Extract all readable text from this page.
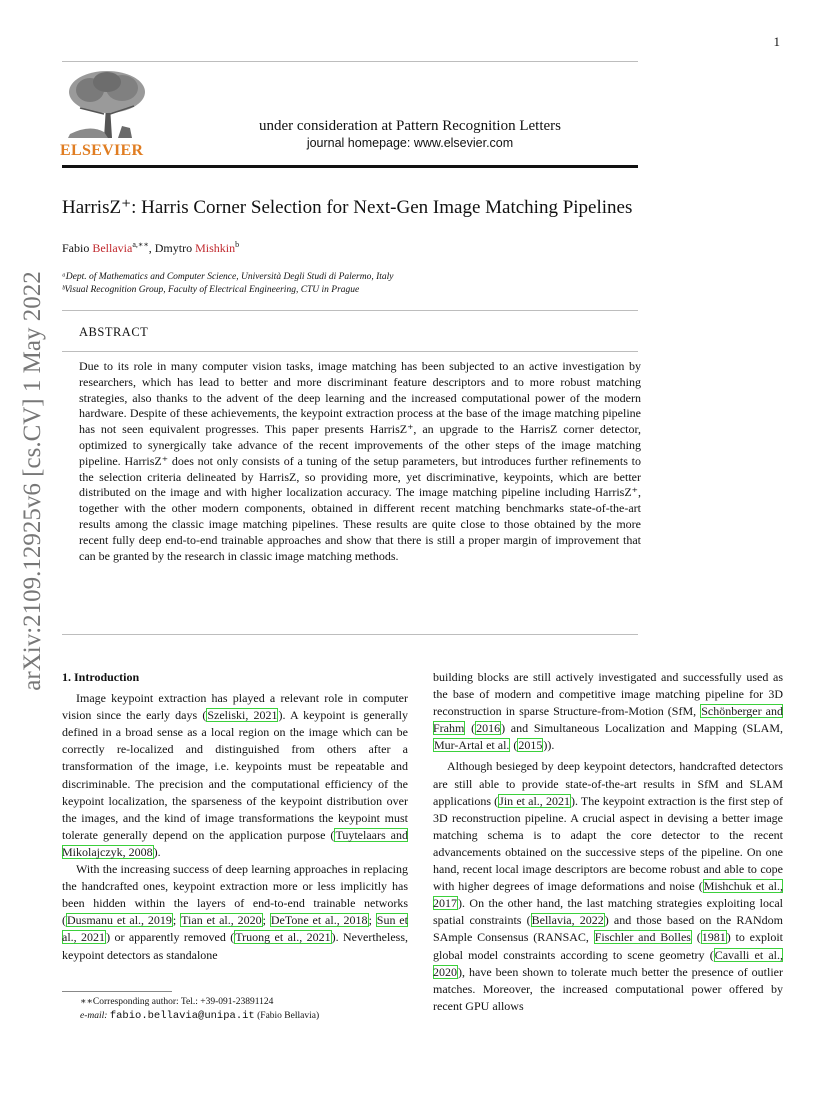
1
ELSEVIER
under consideration at Pattern Recognition Letters
journal homepage: www.elsevier.com
HarrisZ⁺: Harris Corner Selection for Next-Gen Image Matching Pipelines
Fabio Bellavia$^{a,∗∗}$, Dmytro Mishkin$^b$
ᵃDept. of Mathematics and Computer Science, Università Degli Studi di Palermo, Italy
ᵇVisual Recognition Group, Faculty of Electrical Engineering, CTU in Prague
ABSTRACT
Due to its role in many computer vision tasks, image matching has been subjected to an active investigation by researchers, which has lead to better and more discriminant feature descriptors and to more robust matching strategies, also thanks to the advent of the deep learning and the increased computational power of the modern hardware. Despite of these achievements, the keypoint extraction process at the base of the image matching pipeline has not seen equivalent progresses. This paper presents HarrisZ⁺, an upgrade to the HarrisZ corner detector, optimized to synergically take advance of the recent improvements of the other steps of the image matching pipeline. HarrisZ⁺ does not only consists of a tuning of the setup parameters, but introduces further refinements to the selection criteria delineated by HarrisZ, so providing more, yet discriminative, keypoints, which are better distributed on the image and with higher localization accuracy. The image matching pipeline including HarrisZ⁺, together with the other modern components, obtained in different recent matching benchmarks state-of-the-art results among the classic image matching pipelines. These results are quite close to those obtained by the more recent fully deep end-to-end trainable approaches and show that there is still a proper margin of improvement that can be granted by the research in classic image matching methods.
arXiv:2109.12925v6 [cs.CV] 1 May 2022 1. Introduction

Image keypoint extraction has played a relevant role in computer vision since the early days (Szeliski, 2021). A keypoint is generally defined in a broad sense as a local region on the image which can be correctly re-localized and distinguished from others after a transformation of the image, i.e. keypoints must be repeatable and discriminable. The precision and the computational efficiency of the keypoint localization, the sparseness of the keypoint distribution over the images, and the kind of image transformations the keypoint must tolerate generally depend on the application purpose (Tuytelaars and Mikolajczyk, 2008).

With the increasing success of deep learning approaches in replacing the handcrafted ones, keypoint extraction more or less implicitly has been hidden within the layers of end-to-end trainable networks (Dusmanu et al., 2019; Tian et al., 2020; DeTone et al., 2018; Sun et al., 2021) or apparently removed (Truong et al., 2021). Nevertheless, keypoint detectors as standalone

∗∗Corresponding author: Tel.: +39-091-23891124
e-mail: fabio.bellavia@unipa.it (Fabio Bellavia)

building blocks are still actively investigated and successfully used as the base of modern and competitive image matching pipeline for 3D reconstruction in sparse Structure-from-Motion (SfM, Schönberger and Frahm (2016) and Simultaneous Localization and Mapping (SLAM, Mur-Artal et al. (2015)).

Although besieged by deep keypoint detectors, handcrafted detectors are still able to provide state-of-the-art results in SfM and SLAM applications (Jin et al., 2021). The keypoint extraction is the first step of 3D reconstruction pipeline. A crucial aspect in devising a better image matching schema is to adapt the core detector to the recent advancements obtained on the successive steps of the pipeline. On one hand, recent local image descriptors are become robust and able to cope with higher degrees of image deformations and noise (Mishchuk et al., 2017). On the other hand, the last matching strategies exploiting local spatial constraints (Bellavia, 2022) and those based on the RANdom SAmple Consensus (RANSAC, Fischler and Bolles (1981) to exploit global model constraints according to scene geometry (Cavalli et al., 2020), have been shown to tolerate much better the presence of outlier matches. Moreover, the increased computational power offered by recent GPU allows
